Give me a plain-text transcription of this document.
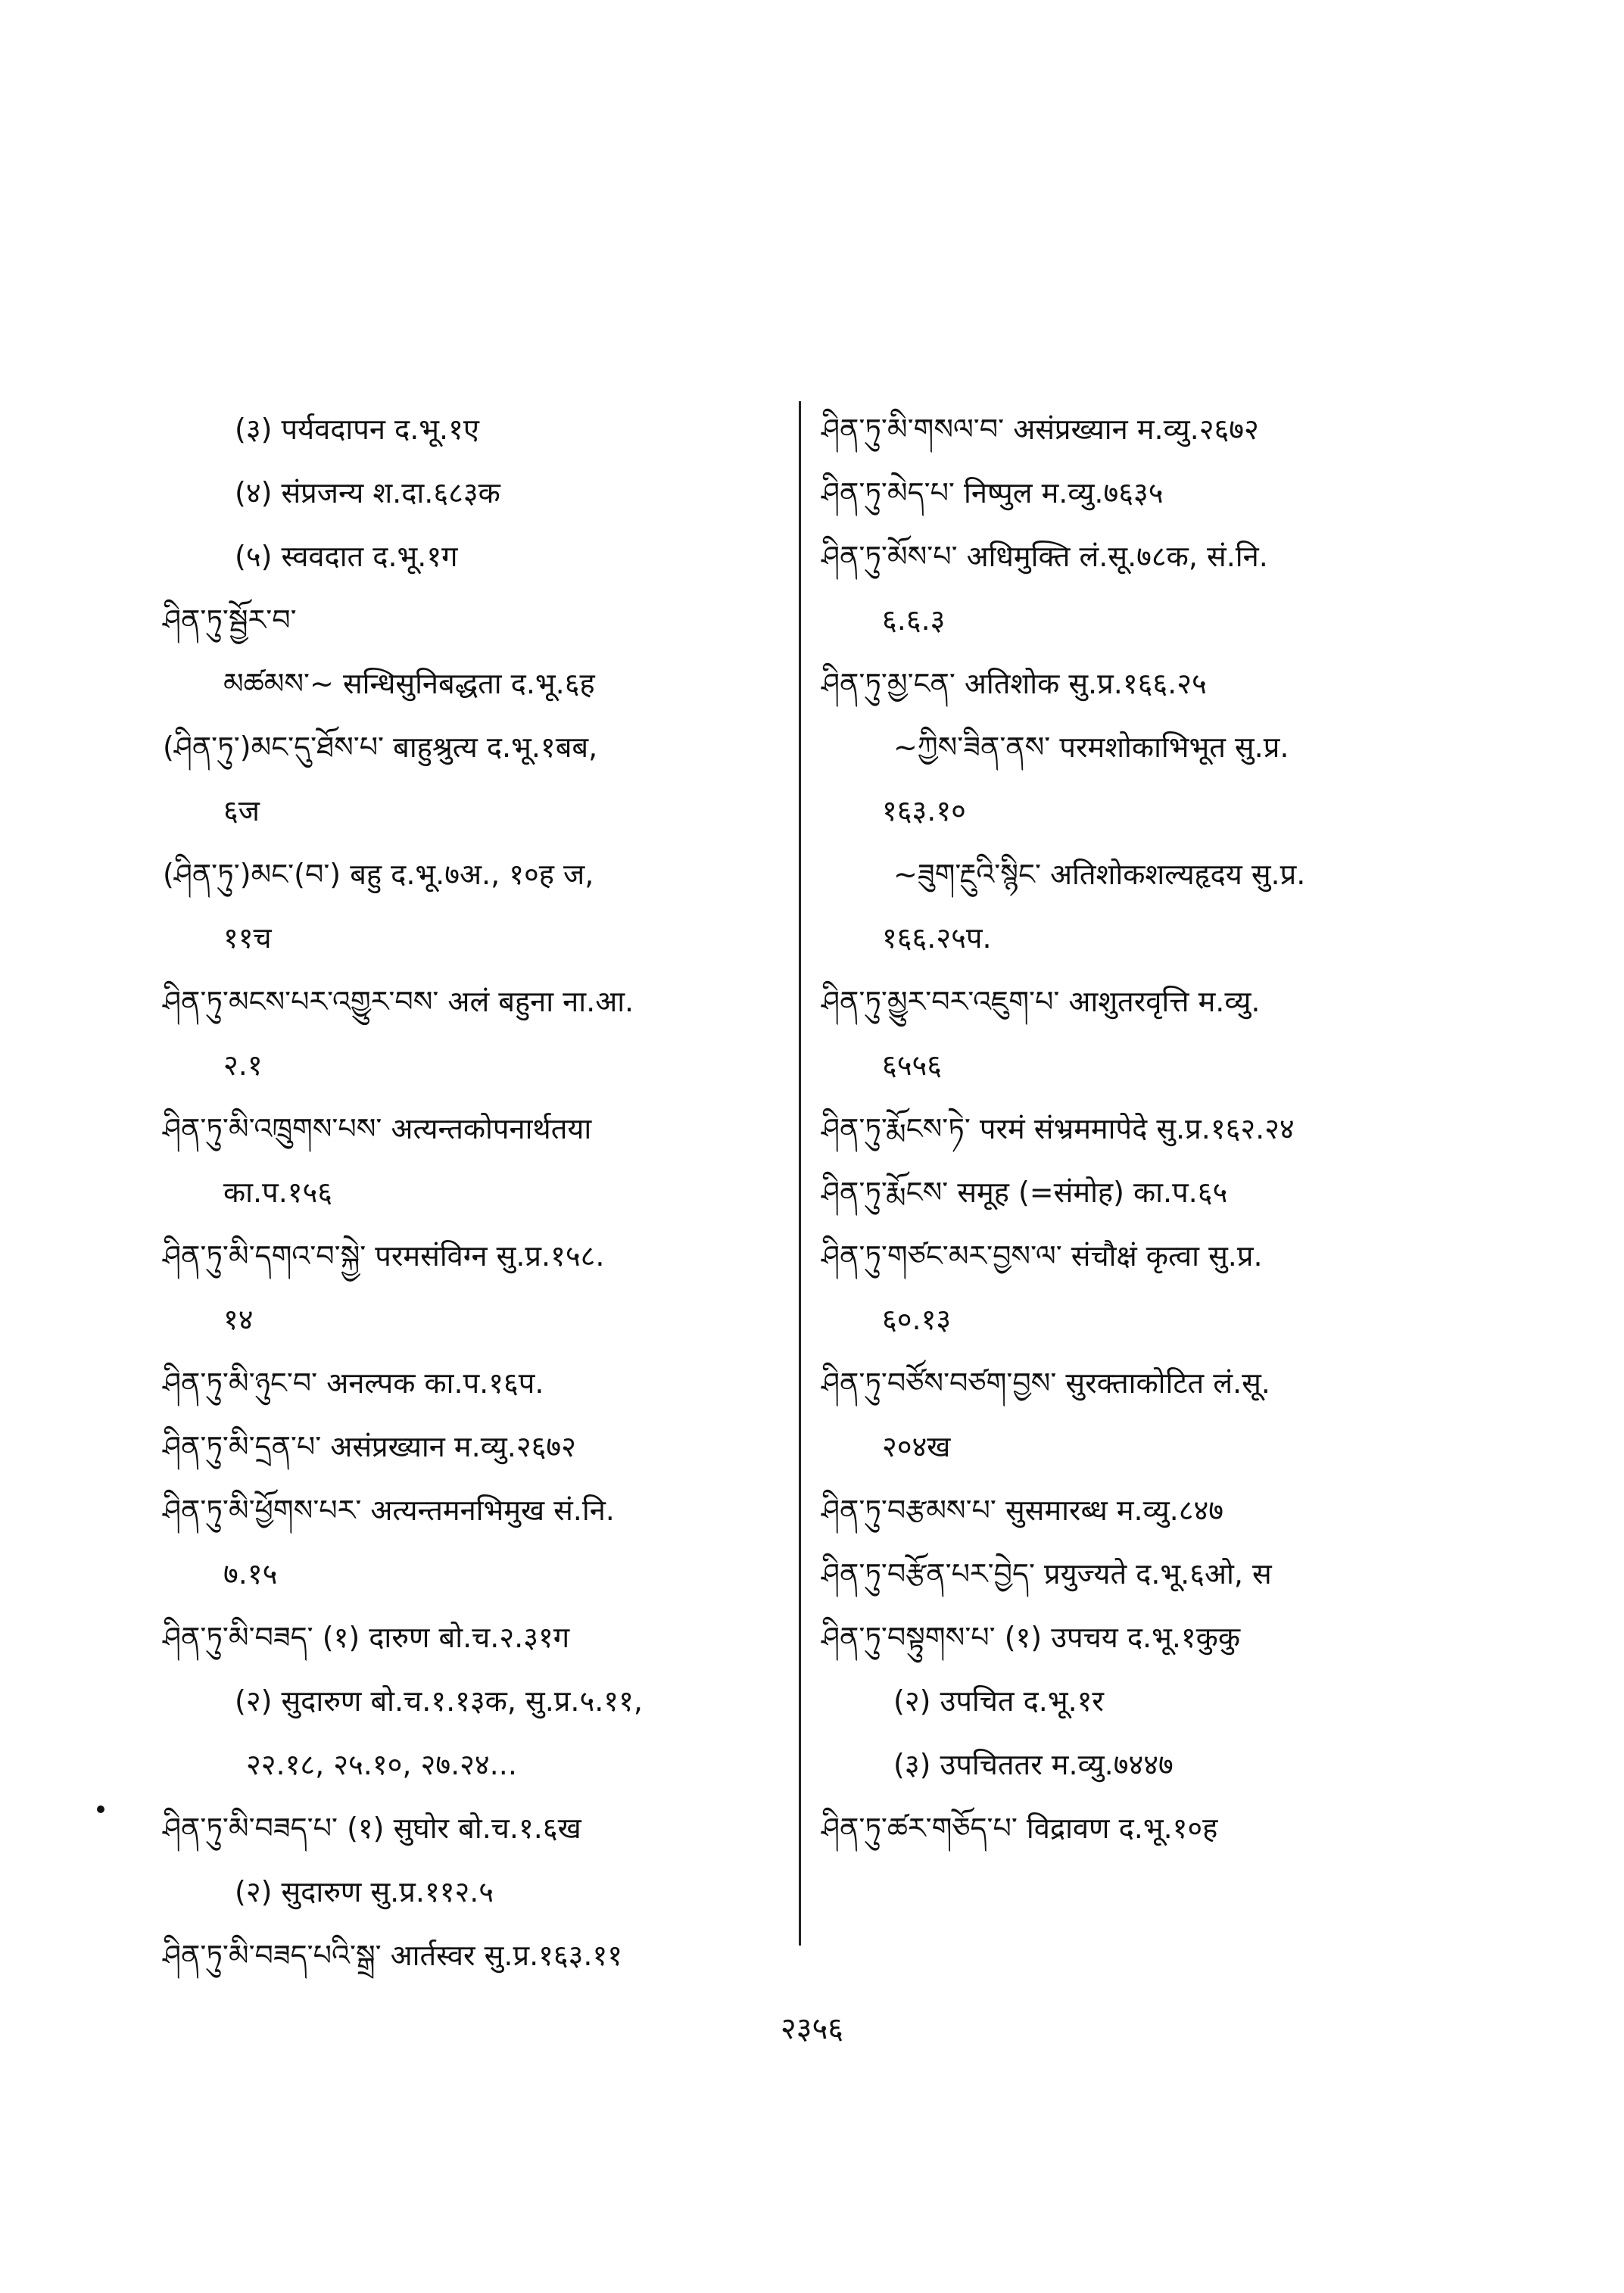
(३) पर्यवदापन द.भू.१ए
(४) संप्रजन्य श.दा.६८३क
(५) स्ववदात द.भू.१ग
ཤིན་ཏུ་སྦྱོར་བ་
མཚམས་~ सन्धिसुनिबद्धता द.भू.६ह
(ཤིན་ཏུ་)མང་དུ་ཐོས་པ་ बाहुश्रुत्य द.भू.१बब,
६ज
(ཤིན་ཏུ་)མང་(བ་) बहु द.भू.७अ., १०ह ज,
११च
ཤིན་ཏུ་མངས་པར་འགྱུར་བས་ अलं बहुना ना.आ.
२.१
ཤིན་ཏུ་མི་འཁྲུགས་པས་ अत्यन्तकोपनार्थतया
का.प.१५६
ཤིན་ཏུ་མི་དགའ་བ་སྐྱེ་ परमसंविग्न सु.प्र.१५८.
१४
ཤིན་ཏུ་མི་ཉུང་བ་ अनल्पक का.प.१६प.
ཤིན་ཏུ་མི་དྲན་པ་ असंप्रख्यान म.व्यु.२६७२
ཤིན་ཏུ་མི་ཕྱོགས་པར་ अत्यन्तमनभिमुख सं.नि.
७.१५
ཤིན་ཏུ་མི་བཟད་ (१) दारुण बो.च.२.३१ग
(२) सुदारुण बो.च.१.१३क, सु.प्र.५.११,
२२.१८, २५.१०, २७.२४...
ཤིན་ཏུ་མི་བཟད་པ་ (१) सुघोर बो.च.१.६ख
(२) सुदारुण सु.प्र.११२.५
ཤིན་ཏུ་མི་བཟད་པའི་སྒྲ་ आर्तस्वर सु.प्र.१६३.११
ཤིན་ཏུ་མི་གསལ་བ་ असंप्रख्यान म.व्यु.२६७२
ཤིན་ཏུ་མེད་པ་ निष्पुल म.व्यु.७६३५
ཤིན་ཏུ་མོས་པ་ अधिमुक्ति लं.सू.७८क, सं.नि.
६.६.३
ཤིན་ཏུ་མྱ་ངན་ अतिशोक सु.प्र.१६६.२५
~ཀྱིས་ཟིན་ནས་ परमशोकाभिभूत सु.प्र.
१६३.१०
~ཟུག་རྔུའི་སྙིང་ अतिशोकशल्यहृदय सु.प्र.
१६६.२५प.
ཤིན་ཏུ་མྱུར་བར་འཇུག་པ་ आशुतरवृत्ति म.व्यु.
६५५६
ཤིན་ཏུ་རྨོངས་ཏེ་ परमं संभ्रममापेदे सु.प्र.१६२.२४
ཤིན་ཏུ་རྨོངས་ समूह (=संमोह) का.प.६५
ཤིན་ཏུ་གཙང་མར་བྱས་ལ་ संचौक्षं कृत्वा सु.प्र.
६०.१३
ཤིན་ཏུ་བཙོས་བཙག་བྱས་ सुरक्ताकोटित लं.सू.
२०४ख
ཤིན་ཏུ་བརྩམས་པ་ सुसमारब्ध म.व्यु.८४७
ཤིན་ཏུ་བརྩོན་པར་བྱེད་ प्रयुज्यते द.भू.६ओ, स
ཤིན་ཏུ་བསྟུགས་པ་ (१) उपचय द.भू.१कुकु
(२) उपचित द.भू.१र
(३) उपचिततर म.व्यु.७४४७
ཤིན་ཏུ་ཚར་གཅོད་པ་ विद्रावण द.भू.१०ह
२३५६
